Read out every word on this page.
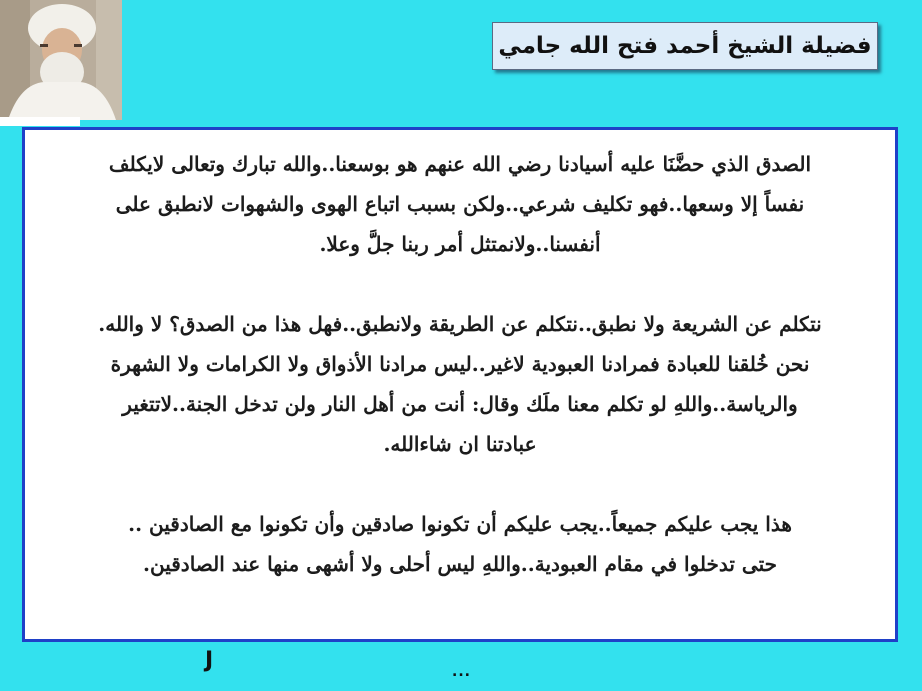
فضيلة الشيخ أحمد فتح الله جامي

الصدق الذي حضَّنَا عليه أسيادنا رضي الله عنهم هو بوسعنا..والله تبارك وتعالى لايكلف

نفساً إلا وسعها..فهو تكليف شرعي..ولكن بسبب اتباع الهوى والشهوات لانطبق على

أنفسنا..ولانمتثل أمر ربنا جلَّ وعلا.

نتكلم عن الشريعة ولا نطبق..نتكلم عن الطريقة ولانطبق..فهل هذا من الصدق؟ لا والله.

نحن خُلقنا للعبادة فمرادنا العبودية لاغير..ليس مرادنا الأذواق ولا الكرامات ولا الشهرة

والرياسة..واللهِ لو تكلم معنا ملَك وقال: أنت من أهل النار ولن تدخل الجنة..لاتتغير

عبادتنا ان شاءالله.

هذا يجب عليكم جميعاً..يجب عليكم أن تكونوا صادقين وأن تكونوا مع الصادقين ..

حتى تدخلوا في مقام العبودية..واللهِ ليس أحلى ولا أشهى منها عند الصادقين.

J	...
